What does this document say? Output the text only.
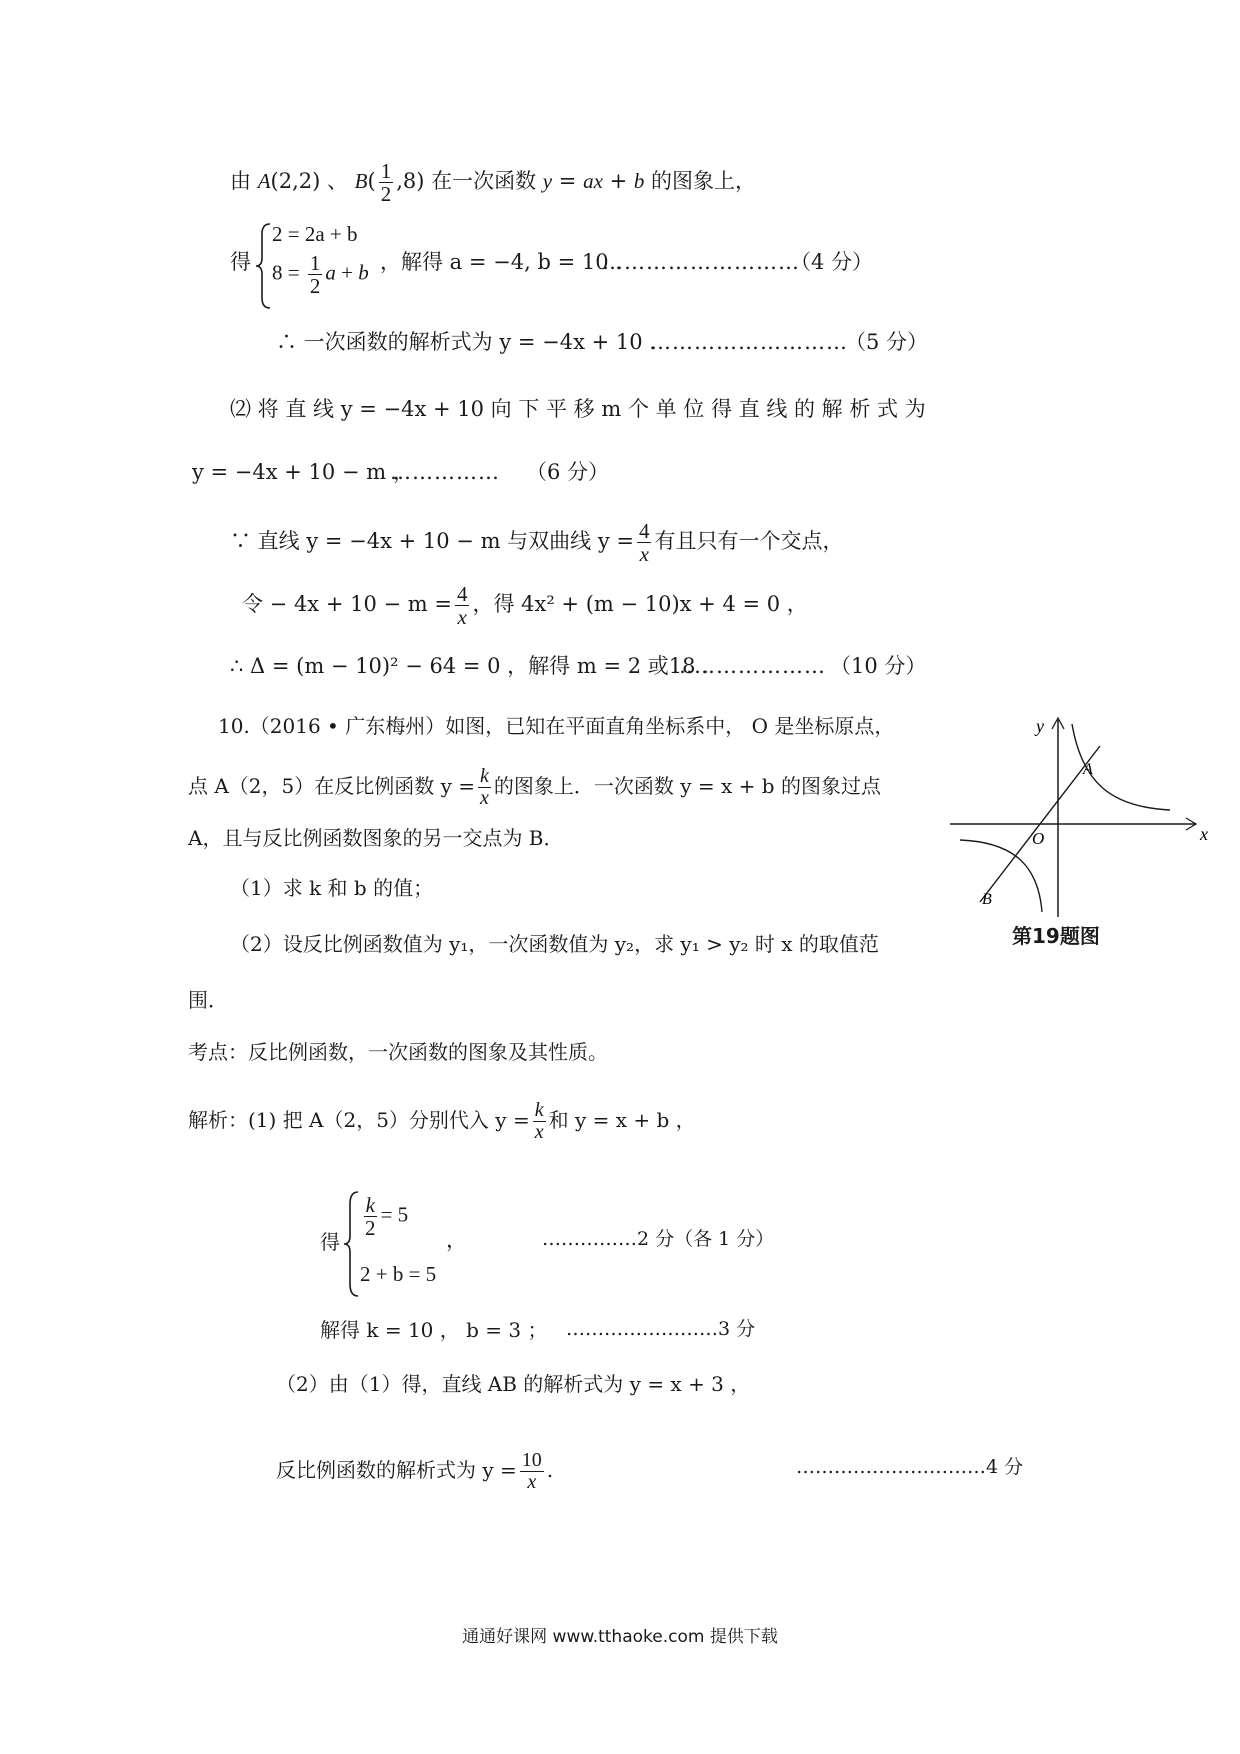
由 A(2,2) 、 $B( \frac{1}{2} ,8)$ 在一次函数 y = ax + b 的图象上，
得
2 = 2a + b
$8 = \frac{1}{2}$ a + b ，解得 a = −4, b = 10 .
………………………
（4 分）
∴ 一次函数的解析式为 y = −4x + 10 .
………………………
（5 分）
⑵ 将 直 线 y = −4x + 10 向 下 平 移 m 个 单 位 得 直 线 的 解 析 式 为
y = −4x + 10 − m ，
…………… （6 分）
∵ 直线 y = −4x + 10 − m 与双曲线 $y = \frac{4}{x}$ 有且只有一个交点，
令 − $4x + 10 - m = \frac{4}{x}$ ，得 4x² + (m − 10)x + 4 = 0 ，
∴ Δ = (m − 10)² − 64 = 0 ，解得 m = 2 或18 .
………………… （10 分）
10.（2016 • 广东梅州）如图，已知在平面直角坐标系中， O 是坐标原点，
点 A（2，5）在反比例函数 $y = \frac{k}{x}$ 的图象上．一次函数 y = x + b 的图象过点
A，且与反比例函数图象的另一交点为 B．
（1）求 k 和 b 的值；
（2）设反比例函数值为 y₁，一次函数值为 y₂，求 y₁ > y₂ 时 x 的取值范
围．
y
x
O
A
B
第19题图
考点：反比例函数，一次函数的图象及其性质。
解析：(1) 把 A（2，5）分别代入 $y = \frac{k}{x}$ 和 y = x + b ，
得
$\frac{k}{2} = 5$
2 + b = 5
，	……………2 分（各 1 分）
解得 k = 10 ， b = 3 ； ……………………3 分
（2）由（1）得，直线 AB 的解析式为 y = x + 3 ，
反比例函数的解析式为 $y = \frac{10}{x}$ .	…………………………4 分
通通好课网 www.tthaoke.com 提供下载
